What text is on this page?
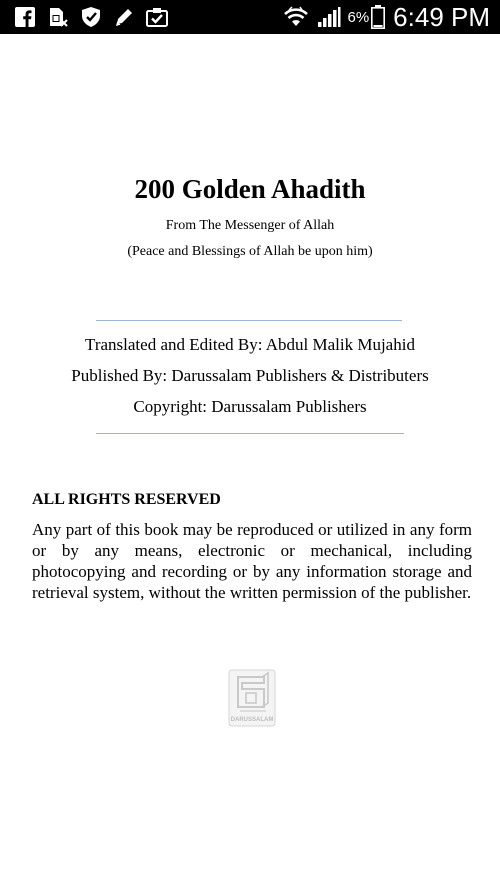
6% 6:49 PM
200 Golden Ahadith
From The Messenger of Allah
(Peace and Blessings of Allah be upon him)
Translated and Edited By: Abdul Malik Mujahid
Published By: Darussalam Publishers & Distributers
Copyright: Darussalam Publishers
ALL RIGHTS RESERVED

Any part of this book may be reproduced or utilized in any form or by any means, electronic or mechanical, including photocopying and recording or by any information storage and retrieval system, without the written permission of the publisher.

DARUSSALAM
